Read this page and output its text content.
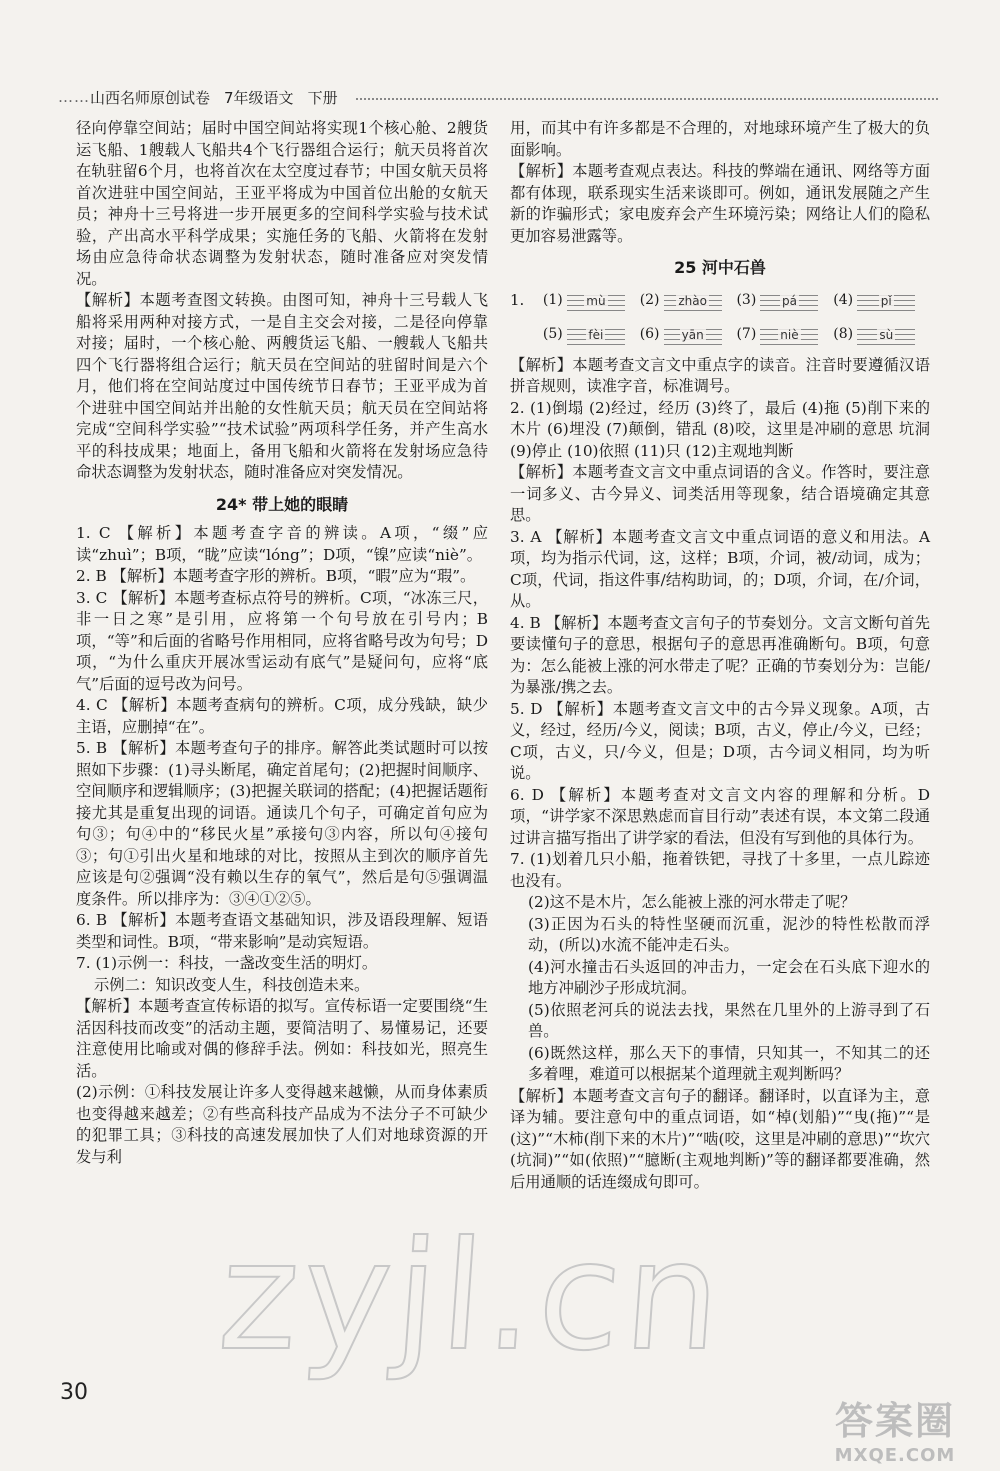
…… 山西名师原创试卷 7年级语文 下册

径向停靠空间站；届时中国空间站将实现1个核心舱、2艘货运飞船、1艘载人飞船共4个飞行器组合运行；航天员将首次在轨驻留6个月，也将首次在太空度过春节；中国女航天员将首次进驻中国空间站，王亚平将成为中国首位出舱的女航天员；神舟十三号将进一步开展更多的空间科学实验与技术试验，产出高水平科学成果；实施任务的飞船、火箭将在发射场由应急待命状态调整为发射状态，随时准备应对突发情况。

【解析】本题考查图文转换。由图可知，神舟十三号载人飞船将采用两种对接方式，一是自主交会对接，二是径向停靠对接；届时，一个核心舱、两艘货运飞船、一艘载人飞船共四个飞行器将组合运行；航天员在空间站的驻留时间是六个月，他们将在空间站度过中国传统节日春节；王亚平成为首个进驻中国空间站并出舱的女性航天员；航天员在空间站将完成“空间科学实验”“技术试验”两项科学任务，并产生高水平的科技成果；地面上，备用飞船和火箭将在发射场应急待命状态调整为发射状态，随时准备应对突发情况。

24* 带上她的眼睛

1. C 【解析】本题考查字音的辨读。A项，“缀”应读“zhuì”；B项，“眬”应读“lóng”；D项，“镍”应读“niè”。

2. B 【解析】本题考查字形的辨析。B项，“暇”应为“瑕”。

3. C 【解析】本题考查标点符号的辨析。C项，“冰冻三尺，非一日之寒”是引用，应将第一个句号放在引号内；B项，“等”和后面的省略号作用相同，应将省略号改为句号；D项，“为什么重庆开展冰雪运动有底气”是疑问句，应将“底气”后面的逗号改为问号。

4. C 【解析】本题考查病句的辨析。C项，成分残缺，缺少主语，应删掉“在”。

5. B 【解析】本题考查句子的排序。解答此类试题时可以按照如下步骤：(1)寻头断尾，确定首尾句；(2)把握时间顺序、空间顺序和逻辑顺序；(3)把握关联词的搭配；(4)把握话题衔接尤其是重复出现的词语。通读几个句子，可确定首句应为句③；句④中的“移民火星”承接句③内容，所以句④接句③；句①引出火星和地球的对比，按照从主到次的顺序首先应该是句②强调“没有赖以生存的氧气”，然后是句⑤强调温度条件。所以排序为：③④①②⑤。

6. B 【解析】本题考查语文基础知识，涉及语段理解、短语类型和词性。B项，“带来影响”是动宾短语。

7. (1)示例一：科技，一盏改变生活的明灯。

示例二：知识改变人生，科技创造未来。

【解析】本题考查宣传标语的拟写。宣传标语一定要围绕“生活因科技而改变”的活动主题，要简洁明了、易懂易记，还要注意使用比喻或对偶的修辞手法。例如：科技如光，照亮生活。

(2)示例：①科技发展让许多人变得越来越懒，从而身体素质也变得越来越差；②有些高科技产品成为不法分子不可缺少的犯罪工具；③科技的高速发展加快了人们对地球资源的开发与利

用，而其中有许多都是不合理的，对地球环境产生了极大的负面影响。

【解析】本题考查观点表达。科技的弊端在通讯、网络等方面都有体现，联系现实生活来谈即可。例如，通讯发展随之产生新的诈骗形式；家电废弃会产生环境污染；网络让人们的隐私更加容易泄露等。

25 河中石兽
1.	(1)	mù	(2)	zhào	(3)	pá	(4)	pǐ
(5)	fèi	(6)	yān	(7)	niè	(8)	sù

【解析】本题考查文言文中重点字的读音。注音时要遵循汉语拼音规则，读准字音，标准调号。

2. (1)倒塌 (2)经过，经历 (3)终了，最后 (4)拖 (5)削下来的木片 (6)埋没 (7)颠倒，错乱 (8)咬，这里是冲刷的意思 坑洞 (9)停止 (10)依照 (11)只 (12)主观地判断

【解析】本题考查文言文中重点词语的含义。作答时，要注意一词多义、古今异义、词类活用等现象，结合语境确定其意思。

3. A 【解析】本题考查文言文中重点词语的意义和用法。A项，均为指示代词，这，这样；B项，介词，被/动词，成为；C项，代词，指这件事/结构助词，的；D项，介词，在/介词，从。

4. B 【解析】本题考查文言句子的节奏划分。文言文断句首先要读懂句子的意思，根据句子的意思再准确断句。B项，句意为：怎么能被上涨的河水带走了呢？正确的节奏划分为：岂能/为暴涨/携之去。

5. D 【解析】本题考查文言文中的古今异义现象。A项，古义，经过，经历/今义，阅读；B项，古义，停止/今义，已经；C项，古义，只/今义，但是；D项，古今词义相同，均为听说。

6. D 【解析】本题考查对文言文内容的理解和分析。D项，“讲学家不深思熟虑而盲目行动”表述有误，本文第二段通过讲言描写指出了讲学家的看法，但没有写到他的具体行为。

7. (1)划着几只小船，拖着铁钯，寻找了十多里，一点儿踪迹也没有。

(2)这不是木片，怎么能被上涨的河水带走了呢？

(3)正因为石头的特性坚硬而沉重，泥沙的特性松散而浮动，(所以)水流不能冲走石头。

(4)河水撞击石头返回的冲击力，一定会在石头底下迎水的地方冲刷沙子形成坑洞。

(5)依照老河兵的说法去找，果然在几里外的上游寻到了石兽。

(6)既然这样，那么天下的事情，只知其一，不知其二的还多着哩，难道可以根据某个道理就主观判断吗？

【解析】本题考查文言句子的翻译。翻译时，以直译为主，意译为辅。要注意句中的重点词语，如“棹(划船)”“曳(拖)”“是(这)”“木柿(削下来的木片)”“啮(咬，这里是冲刷的意思)”“坎穴(坑洞)”“如(依照)”“臆断(主观地判断)”等的翻译都要准确，然后用通顺的话连缀成句即可。

zyjl.cn
30
答案圈
MXQE.COM
